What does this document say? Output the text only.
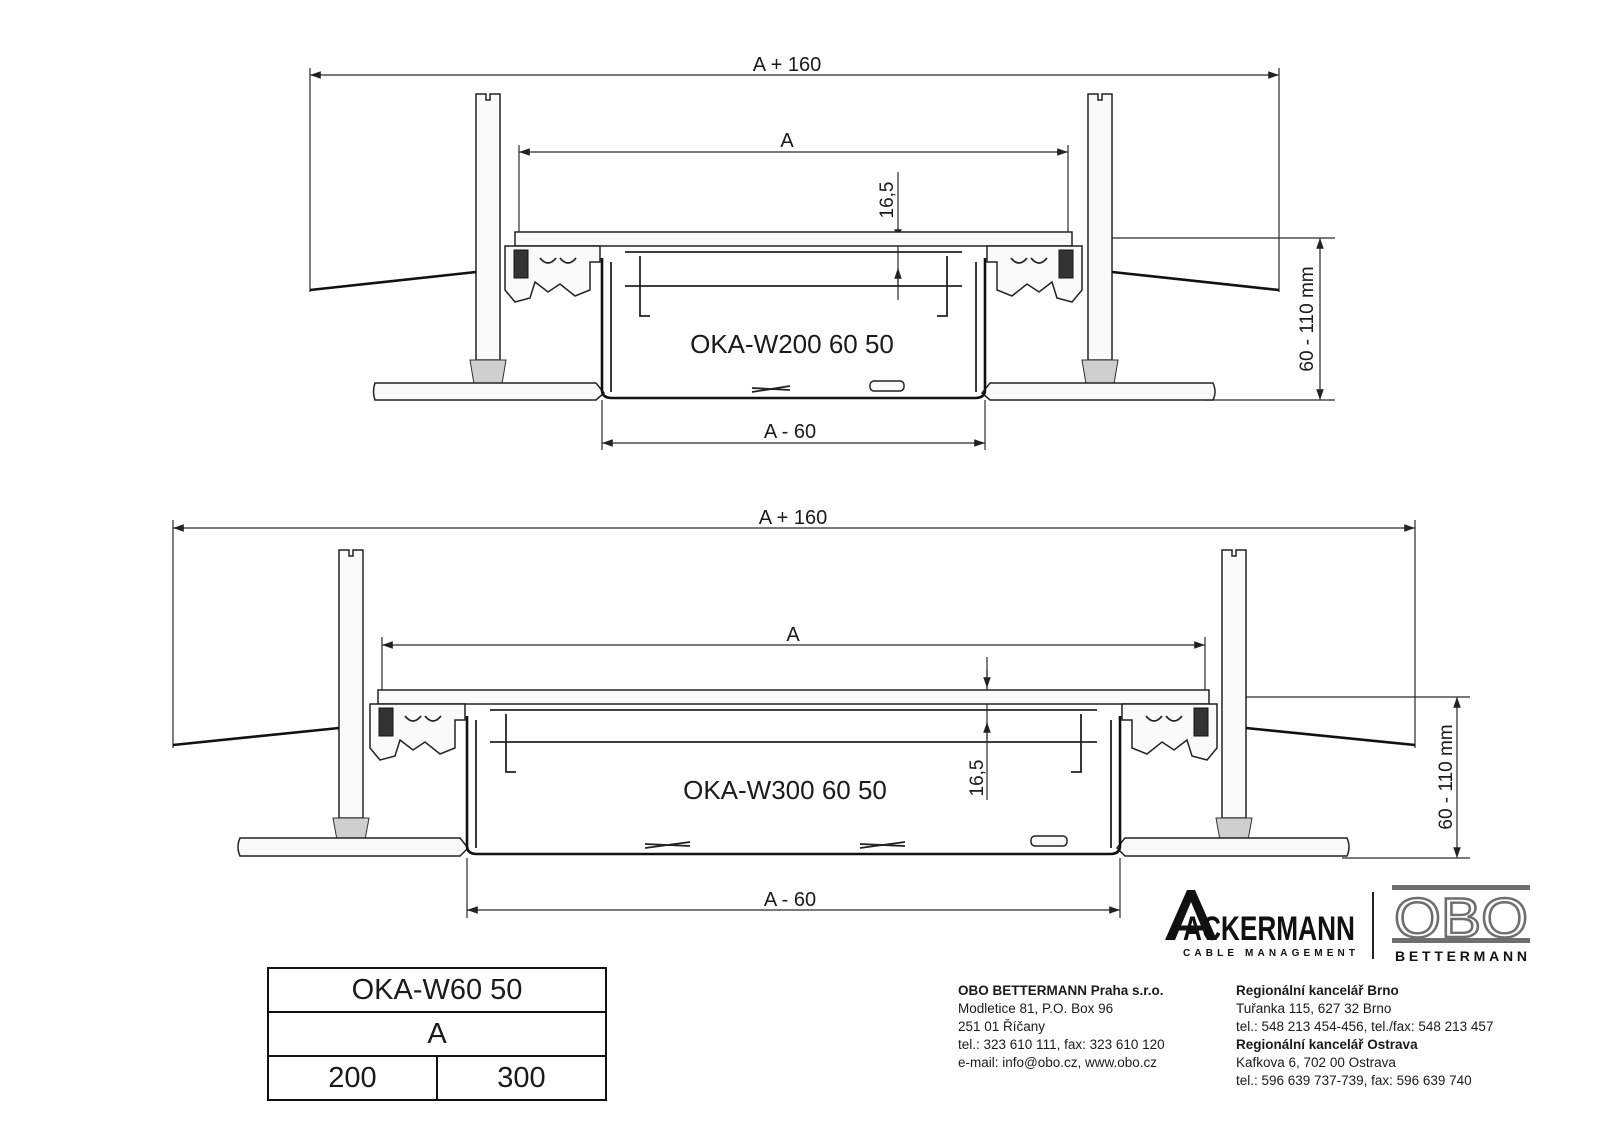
A + 160
A
16,5
60 - 110 mm
A - 60
OKA-W200 60 50
A + 160
A
16,5	60 - 110 mm
A - 60
OKA-W300 60 50
OKA-W60 50
A
200	300
ACKERMANN
CABLE MANAGEMENT
OBO
BETTERMANN
OBO BETTERMANN Praha s.r.o.
Modletice 81, P.O. Box 96
251 01 Říčany
tel.: 323 610 111, fax: 323 610 120
e-mail: info@obo.cz, www.obo.cz
Regionální kancelář Brno
Tuřanka 115, 627 32 Brno
tel.: 548 213 454-456, tel./fax: 548 213 457
Regionální kancelář Ostrava
Kafkova 6, 702 00 Ostrava
tel.: 596 639 737-739, fax: 596 639 740
